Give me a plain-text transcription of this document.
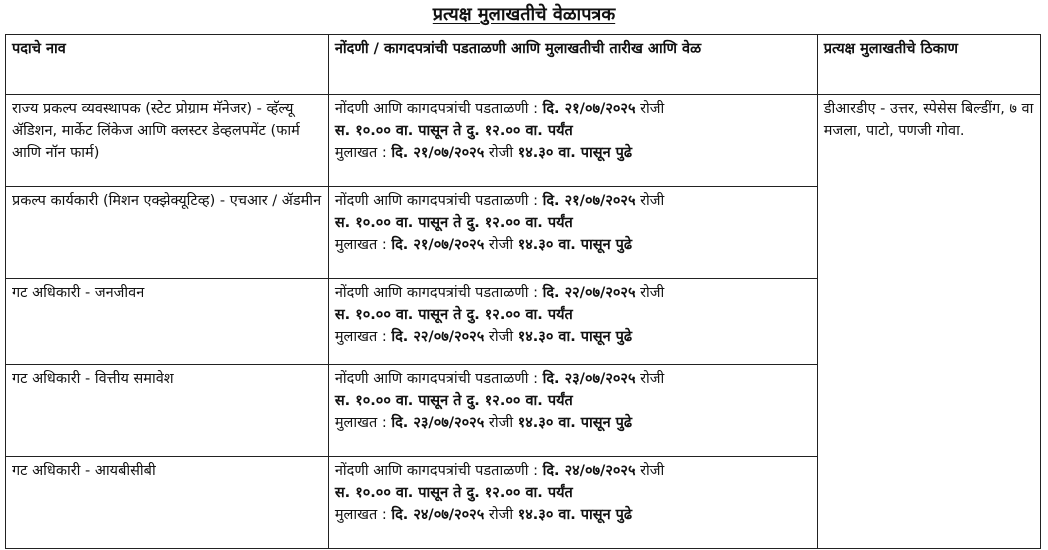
प्रत्यक्ष मुलाखतीचे वेळापत्रक
पदाचे नाव	नोंदणी / कागदपत्रांची पडताळणी आणि मुलाखतीची तारीख आणि वेळ	प्रत्यक्ष मुलाखतीचे ठिकाण

राज्य प्रकल्प व्यवस्थापक (स्टेट प्रोग्राम मॅनेजर) - व्हॅल्यू ॲडिशन, मार्केट लिंकेज आणि क्लस्टर डेव्हलपमेंट (फार्म आणि नॉन फार्म)	नोंदणी आणि कागदपत्रांची पडताळणी : दि. २१/०७/२०२५ रोजी
स. १०.०० वा. पासून ते दु. १२.०० वा. पर्यंत
मुलाखत : दि. २१/०७/२०२५ रोजी १४.३० वा. पासून पुढे	डीआरडीए - उत्तर, स्पेसेस बिल्डींग, ७ वा मजला, पाटो, पणजी गोवा.

प्रकल्प कार्यकारी (मिशन एक्झेक्यूटिव्ह) - एचआर / ॲडमीन	नोंदणी आणि कागदपत्रांची पडताळणी : दि. २१/०७/२०२५ रोजी
स. १०.०० वा. पासून ते दु. १२.०० वा. पर्यंत
मुलाखत : दि. २१/०७/२०२५ रोजी १४.३० वा. पासून पुढे	

गट अधिकारी - जनजीवन	नोंदणी आणि कागदपत्रांची पडताळणी : दि. २२/०७/२०२५ रोजी
स. १०.०० वा. पासून ते दु. १२.०० वा. पर्यंत
मुलाखत : दि. २२/०७/२०२५ रोजी १४.३० वा. पासून पुढे	

गट अधिकारी - वित्तीय समावेश	नोंदणी आणि कागदपत्रांची पडताळणी : दि. २३/०७/२०२५ रोजी
स. १०.०० वा. पासून ते दु. १२.०० वा. पर्यंत
मुलाखत : दि. २३/०७/२०२५ रोजी १४.३० वा. पासून पुढे	

गट अधिकारी - आयबीसीबी	नोंदणी आणि कागदपत्रांची पडताळणी : दि. २४/०७/२०२५ रोजी
स. १०.०० वा. पासून ते दु. १२.०० वा. पर्यंत
मुलाखत : दि. २४/०७/२०२५ रोजी १४.३० वा. पासून पुढे	
